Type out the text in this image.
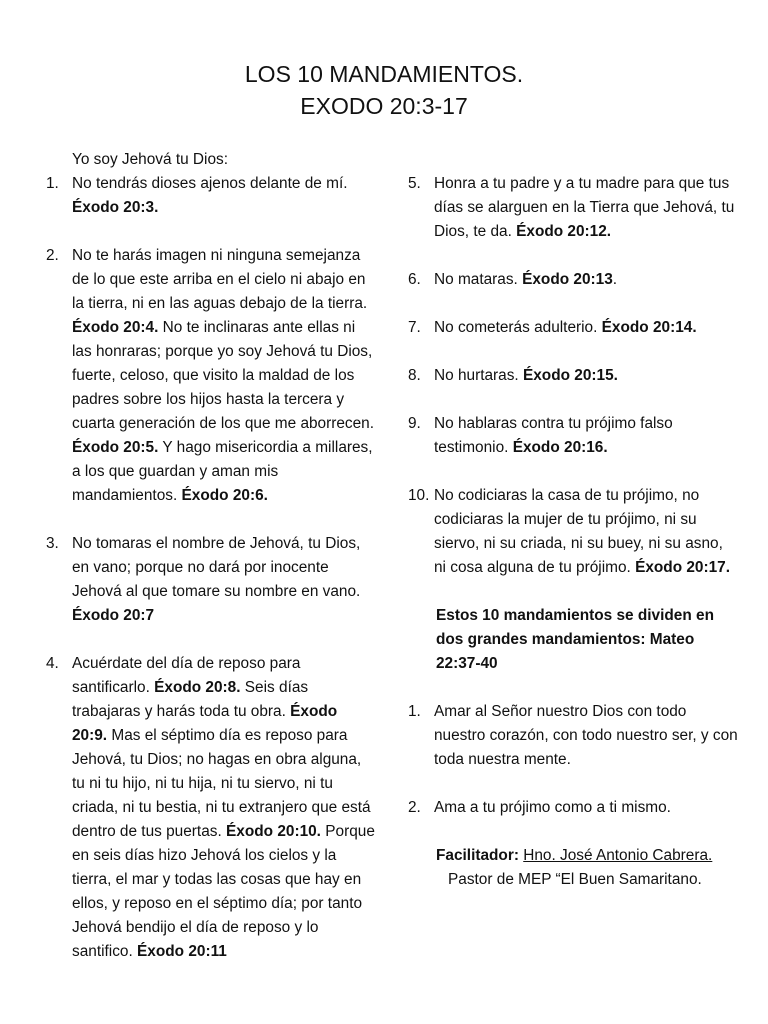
LOS 10 MANDAMIENTOS.
EXODO 20:3-17
Yo soy Jehová tu Dios:
1. No tendrás dioses ajenos delante de mí. Éxodo 20:3.
2. No te harás imagen ni ninguna semejanza de lo que este arriba en el cielo ni abajo en la tierra, ni en las aguas debajo de la tierra. Éxodo 20:4. No te inclinaras ante ellas ni las honraras; porque yo soy Jehová tu Dios, fuerte, celoso, que visito la maldad de los padres sobre los hijos hasta la tercera y cuarta generación de los que me aborrecen. Éxodo 20:5. Y hago misericordia a millares, a los que guardan y aman mis mandamientos. Éxodo 20:6.
3. No tomaras el nombre de Jehová, tu Dios, en vano; porque no dará por inocente Jehová al que tomare su nombre en vano. Éxodo 20:7
4. Acuérdate del día de reposo para santificarlo. Éxodo 20:8. Seis días trabajaras y harás toda tu obra. Éxodo 20:9. Mas el séptimo día es reposo para Jehová, tu Dios; no hagas en obra alguna, tu ni tu hijo, ni tu hija, ni tu siervo, ni tu criada, ni tu bestia, ni tu extranjero que está dentro de tus puertas. Éxodo 20:10. Porque en seis días hizo Jehová los cielos y la tierra, el mar y todas las cosas que hay en ellos, y reposo en el séptimo día; por tanto Jehová bendijo el día de reposo y lo santifico. Éxodo 20:11
5. Honra a tu padre y a tu madre para que tus días se alarguen en la Tierra que Jehová, tu Dios, te da. Éxodo 20:12.
6. No mataras. Éxodo 20:13.
7. No cometerás adulterio. Éxodo 20:14.
8. No hurtaras. Éxodo 20:15.
9. No hablaras contra tu prójimo falso testimonio. Éxodo 20:16.
10. No codiciaras la casa de tu prójimo, no codiciaras la mujer de tu prójimo, ni su siervo, ni su criada, ni su buey, ni su asno, ni cosa alguna de tu prójimo. Éxodo 20:17.
Estos 10 mandamientos se dividen en dos grandes mandamientos: Mateo 22:37-40
1. Amar al Señor nuestro Dios con todo nuestro corazón, con todo nuestro ser, y con toda nuestra mente.
2. Ama a tu prójimo como a ti mismo.
Facilitador: Hno. José Antonio Cabrera.
Pastor de MEP “El Buen Samaritano.
